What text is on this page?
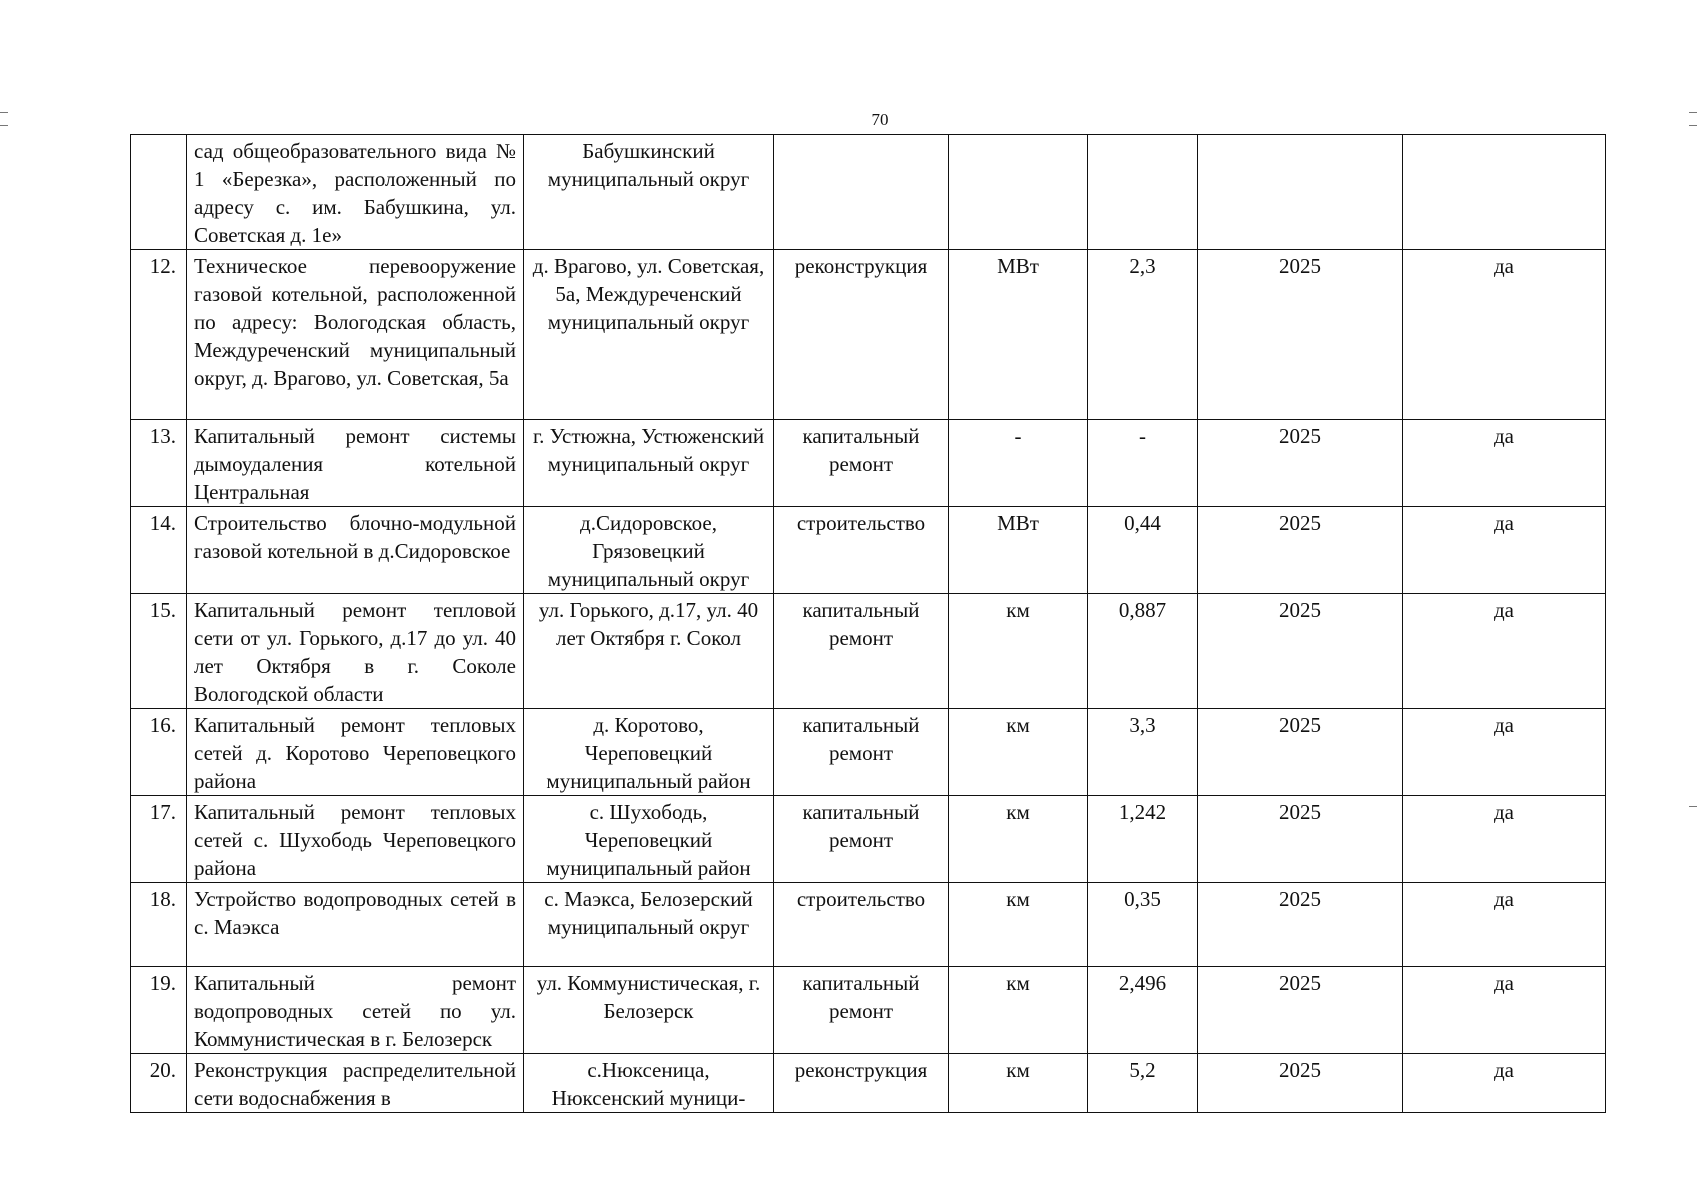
70
	сад общеобразовательного вида № 1 «Березка», расположенный по адресу с. им. Бабушкина, ул. Советская д. 1е»	Бабушкинский муниципальный округ					
12.	Техническое перевооружение газовой котельной, расположенной по адресу: Вологодская область, Междуреченский муниципальный округ, д. Врагово, ул. Советская, 5а	д. Врагово, ул. Советская, 5а, Междуреченский муниципальный округ	реконструкция	МВт	2,3	2025	да
13.	Капитальный ремонт системы дымоудаления котельной Центральная	г. Устюжна, Устюженский муниципальный округ	капитальный ремонт	-	-	2025	да
14.	Строительство блочно-модульной газовой котельной в д.Сидоровское	д.Сидоровское, Грязовецкий муниципальный округ	строительство	МВт	0,44	2025	да
15.	Капитальный ремонт тепловой сети от ул. Горького, д.17 до ул. 40 лет Октября в г. Соколе Вологодской области	ул. Горького, д.17, ул. 40 лет Октября г. Сокол	капитальный ремонт	км	0,887	2025	да
16.	Капитальный ремонт тепловых сетей д. Коротово Череповецкого района	д. Коротово, Череповецкий муниципальный район	капитальный ремонт	км	3,3	2025	да
17.	Капитальный ремонт тепловых сетей с. Шухободь Череповецкого района	с. Шухободь, Череповецкий муниципальный район	капитальный ремонт	км	1,242	2025	да
18.	Устройство водопроводных сетей в с. Маэкса	с. Маэкса, Белозерский муниципальный округ	строительство	км	0,35	2025	да
19.	Капитальный ремонт водопроводных сетей по ул. Коммунистическая в г. Белозерск	ул. Коммунистическая, г. Белозерск	капитальный ремонт	км	2,496	2025	да
20.	Реконструкция распределительной сети водоснабжения в	с.Нюксеница, Нюксенский муници-	реконструкция	км	5,2	2025	да
